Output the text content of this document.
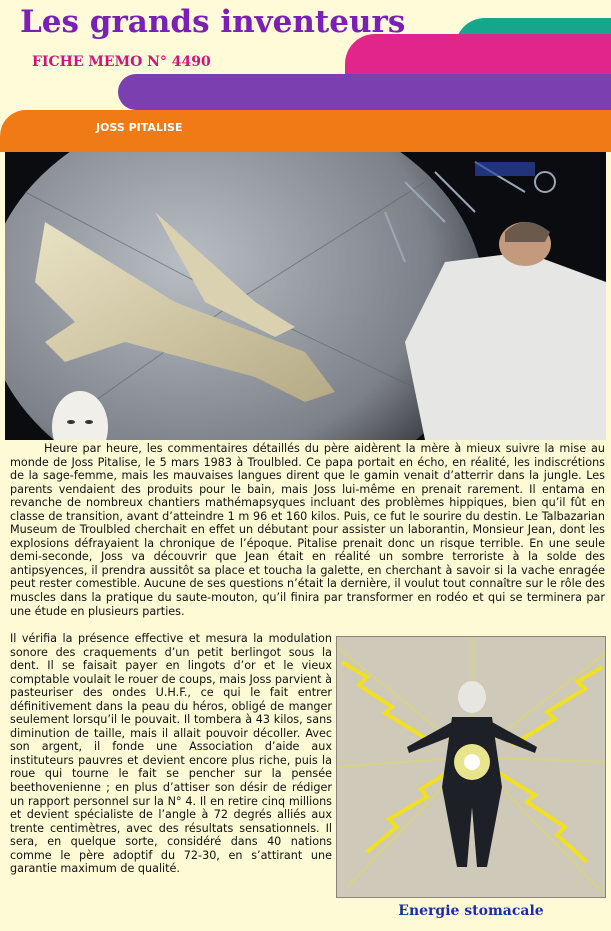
Les grands inventeurs
FICHE MEMO N° 4490
JOSS PITALISE
Heure par heure, les commentaires détaillés du père aidèrent la mère à mieux suivre la mise au monde de Joss Pitalise, le 5 mars 1983 à Troulbled. Ce papa portait en écho, en réalité, les indiscrétions de la sage-femme, mais les mauvaises langues dirent que le gamin venait d’atterrir dans la jungle. Les parents vendaient des produits pour le bain, mais Joss lui-même en prenait rarement. Il entama en revanche de nombreux chantiers mathémapsyques incluant des problèmes hippiques, bien qu’il fût en classe de transition, avant d’atteindre 1 m 96 et 160 kilos. Puis, ce fut le sourire du destin. Le Talbazarian Museum de Troulbled cherchait en effet un débutant pour assister un laborantin, Monsieur Jean, dont les explosions défrayaient la chronique de l’époque. Pitalise prenait donc un risque terrible. En une seule demi-seconde, Joss va découvrir que Jean était en réalité un sombre terroriste à la solde des antipsyences, il prendra aussitôt sa place et toucha la galette, en cherchant à savoir si la vache enragée peut rester comestible. Aucune de ses questions n’était la dernière, il voulut tout connaître sur le rôle des muscles dans la pratique du saute-mouton, qu’il finira par transformer en rodéo et qui se terminera par une étude en plusieurs parties.
Il vérifia la présence effective et mesura la modulation sonore des craquements d’un petit berlingot sous la dent. Il se faisait payer en lingots d’or et le vieux comptable voulait le rouer de coups, mais Joss parvient à pasteuriser des ondes U.H.F., ce qui le fait entrer définitivement dans la peau du héros, obligé de manger seulement lorsqu’il le pouvait. Il tombera à 43 kilos, sans diminution de taille, mais il allait pouvoir décoller. Avec son argent, il fonde une Association d’aide aux instituteurs pauvres et devient encore plus riche, puis la roue qui tourne le fait se pencher sur la pensée beethovenienne ; en plus d’attiser son désir de rédiger un rapport personnel sur la N° 4. Il en retire cinq millions et devient spécialiste de l’angle à 72 degrés alliés aux trente centimètres, avec des résultats sensationnels. Il sera, en quelque sorte, considéré dans 40 nations comme le père adoptif du 72-30, en s’attirant une garantie maximum de qualité.
Energie stomacale
